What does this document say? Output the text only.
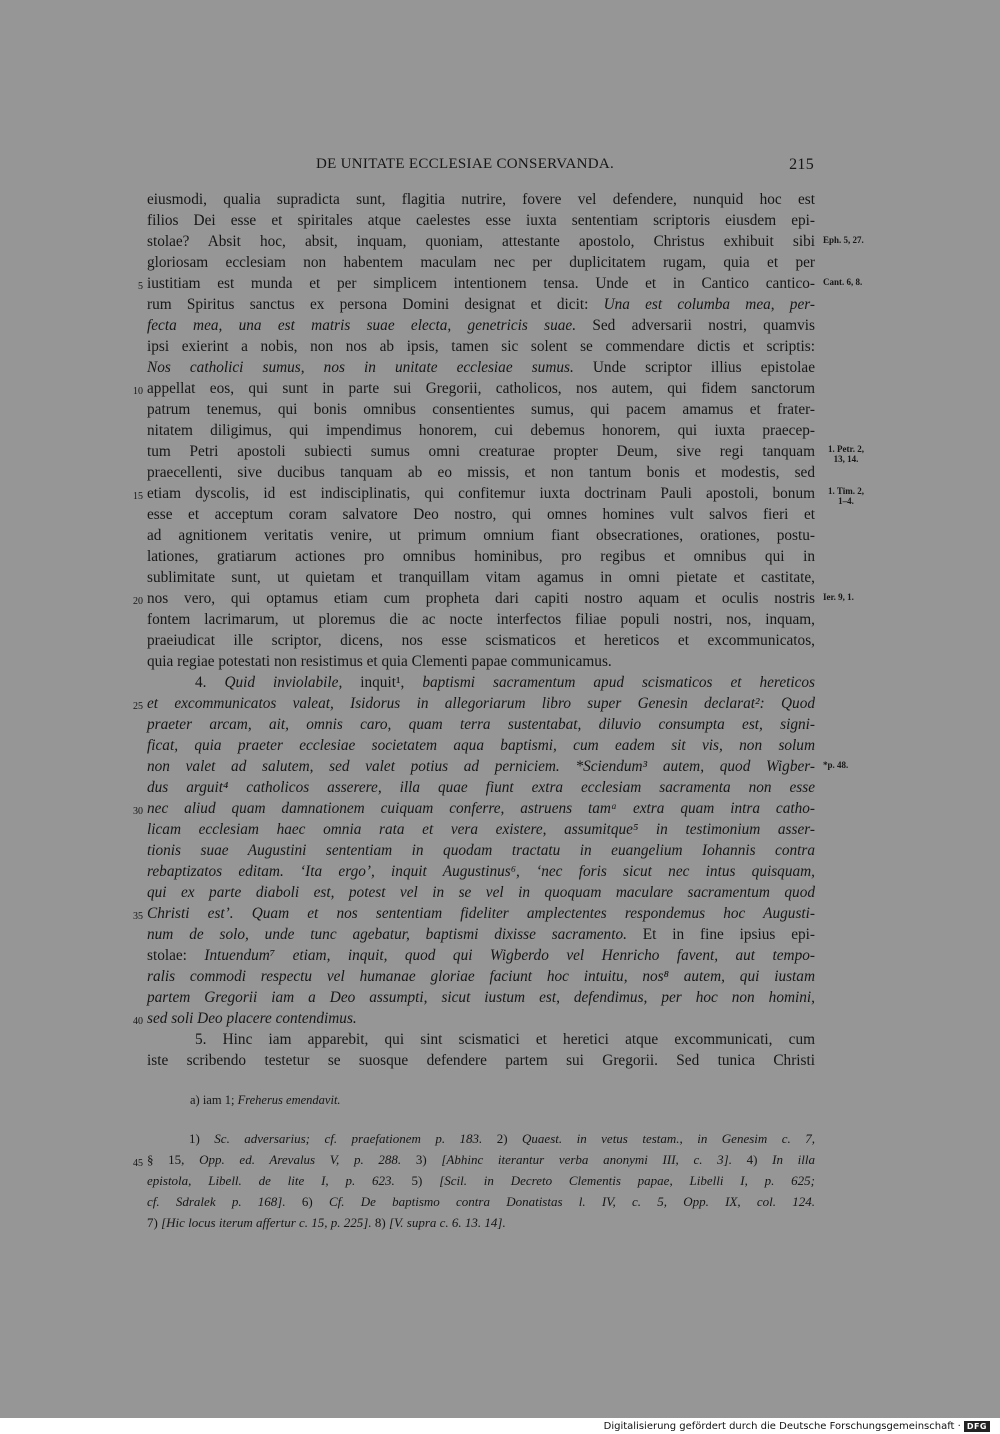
DE UNITATE ECCLESIAE CONSERVANDA.	215
eiusmodi, qualia supradicta sunt, flagitia nutrire, fovere vel defendere, nunquid hoc est
filios Dei esse et spiritales atque caelestes esse iuxta sententiam scriptoris eiusdem epi-
stolae? Absit hoc, absit, inquam, quoniam, attestante apostolo, Christus exhibuit sibi Eph. 5, 27.
gloriosam ecclesiam non habentem maculam nec per duplicitatem rugam, quia et per
5 iustitiam est munda et per simplicem intentionem tensa. Unde et in Cantico cantico- Cant. 6, 8.
rum Spiritus sanctus ex persona Domini designat et dicit: Una est columba mea, per-
fecta mea, una est matris suae electa, genetricis suae. Sed adversarii nostri, quamvis
ipsi exierint a nobis, non nos ab ipsis, tamen sic solent se commendare dictis et scriptis:
Nos catholici sumus, nos in unitate ecclesiae sumus. Unde scriptor illius epistolae
10 appellat eos, qui sunt in parte sui Gregorii, catholicos, nos autem, qui fidem sanctorum
patrum tenemus, qui bonis omnibus consentientes sumus, qui pacem amamus et frater-
nitatem diligimus, qui impendimus honorem, cui debemus honorem, qui iuxta praecep-
tum Petri apostoli subiecti sumus omni creaturae propter Deum, sive regi tanquam	1. Petr. 2,
13, 14.
praecellenti, sive ducibus tanquam ab eo missis, et non tantum bonis et modestis, sed
15 etiam dyscolis, id est indisciplinatis, qui confitemur iuxta doctrinam Pauli apostoli, bonum	1. Tim. 2,
1–4.
esse et acceptum coram salvatore Deo nostro, qui omnes homines vult salvos fieri et
ad agnitionem veritatis venire, ut primum omnium fiant obsecrationes, orationes, postu-
lationes, gratiarum actiones pro omnibus hominibus, pro regibus et omnibus qui in
sublimitate sunt, ut quietam et tranquillam vitam agamus in omni pietate et castitate,
20 nos vero, qui optamus etiam cum propheta dari capiti nostro aquam et oculis nostris Ier. 9, 1.
fontem lacrimarum, ut ploremus die ac nocte interfectos filiae populi nostri, nos, inquam,
praeiudicat ille scriptor, dicens, nos esse scismaticos et hereticos et excommunicatos,
quia regiae potestati non resistimus et quia Clementi papae communicamus.
4. Quid inviolabile, inquit¹, baptismi sacramentum apud scismaticos et hereticos
25 et excommunicatos valeat, Isidorus in allegoriarum libro super Genesin declarat²: Quod
praeter arcam, ait, omnis caro, quam terra sustentabat, diluvio consumpta est, signi-
ficat, quia praeter ecclesiae societatem aqua baptismi, cum eadem sit vis, non solum
non valet ad salutem, sed valet potius ad perniciem. *Sciendum³ autem, quod Wigber- *p. 48.
dus arguit⁴ catholicos asserere, illa quae fiunt extra ecclesiam sacramenta non esse
30 nec aliud quam damnationem cuiquam conferre, astruens tamᵃ extra quam intra catho-
licam ecclesiam haec omnia rata et vera existere, assumitque⁵ in testimonium asser-
tionis suae Augustini sententiam in quodam tractatu in euangelium Iohannis contra
rebaptizatos editam. ‘Ita ergo’, inquit Augustinus⁶, ‘nec foris sicut nec intus quisquam,
qui ex parte diaboli est, potest vel in se vel in quoquam maculare sacramentum quod
35 Christi est’. Quam et nos sententiam fideliter amplectentes respondemus hoc Augusti-
num de solo, unde tunc agebatur, baptismi dixisse sacramento. Et in fine ipsius epi-
stolae: Intuendum⁷ etiam, inquit, quod qui Wigberdo vel Henricho favent, aut tempo-
ralis commodi respectu vel humanae gloriae faciunt hoc intuitu, nos⁸ autem, qui iustam
partem Gregorii iam a Deo assumpti, sicut iustum est, defendimus, per hoc non homini,
40 sed soli Deo placere contendimus.
5. Hinc iam apparebit, qui sint scismatici et heretici atque excommunicati, cum
iste scribendo testetur se suosque defendere partem sui Gregorii. Sed tunica Christi
a) iam 1; Freherus emendavit.
1) Sc. adversarius; cf. praefationem p. 183. 2) Quaest. in vetus testam., in Genesim c. 7,
45 § 15, Opp. ed. Arevalus V, p. 288. 3) [Abhinc iterantur verba anonymi III, c. 3]. 4) In illa
epistola, Libell. de lite I, p. 623. 5) [Scil. in Decreto Clementis papae, Libelli I, p. 625;
cf. Sdralek p. 168]. 6) Cf. De baptismo contra Donatistas l. IV, c. 5, Opp. IX, col. 124.
7) [Hic locus iterum affertur c. 15, p. 225]. 8) [V. supra c. 6. 13. 14].
Digitalisierung gefördert durch die Deutsche Forschungsgemeinschaft · DFG
